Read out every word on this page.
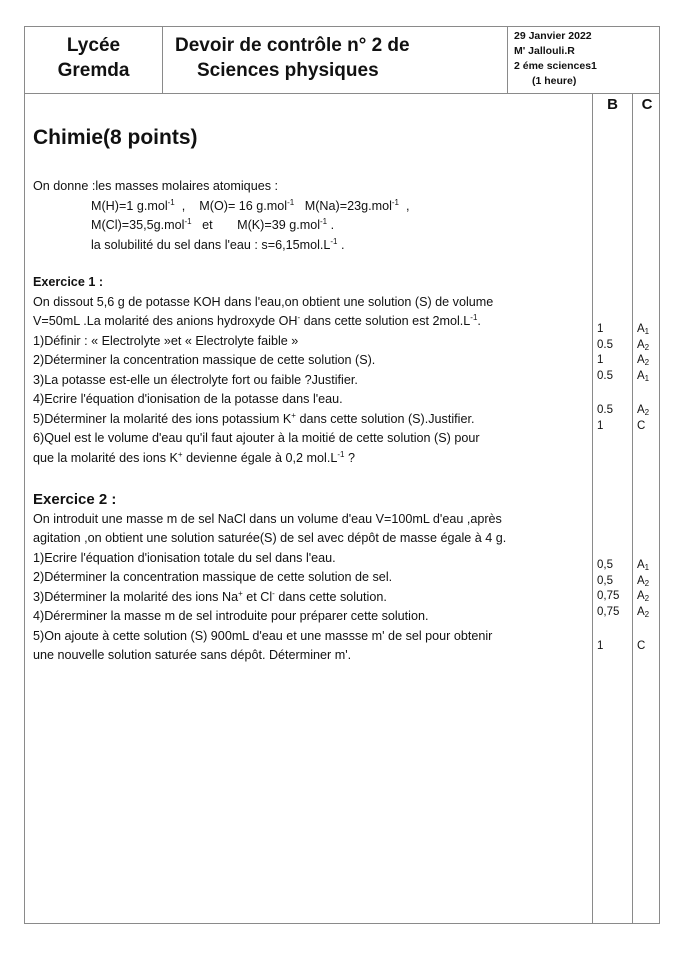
Lycée
Gremda
Devoir de contrôle n° 2 de
Sciences physiques
29 Janvier 2022
M' Jallouli.R
2 éme sciences1
(1 heure)
B
1
0.5
1
0.5
0.5
1
0,5
0,5
0,75
0,75
1
C
$A_1$
$A_2$
$A_2$
$A_1$
$A_2$
C
$A_1$
$A_2$
$A_2$
$A_2$
C
Chimie(8 points)
On donne :les masses molaires atomiques :
M(H)=1 g.mol$^{-1}$  ,    M(O)= 16 g.mol$^{-1}$ M(Na)=23g.mol$^{-1}$  ,
M(Cl)=35,5g.mol$^{-1}$ et M(K)=39 g.mol$^{-1}$ .
la solubilité du sel dans l'eau : $s=6,15mol.L^{-1}$ .
Exercice 1 :
On dissout 5,6 g de potasse KOH dans l'eau,on obtient une solution (S) de volume
V=50mL .La molarité des anions hydroxyde OH- dans cette solution est $2mol.L^{-1}$.
1)Définir : « Electrolyte »et « Electrolyte faible »
2)Déterminer la concentration massique de cette solution (S).
3)La potasse est-elle un électrolyte fort ou faible ?Justifier.
4)Ecrire l'équation d'ionisation de la potasse dans l'eau.
5)Déterminer la molarité des ions potassium K+ dans cette solution (S).Justifier.
6)Quel est le volume d'eau qu'il faut ajouter à la moitié de cette solution (S) pour
que la molarité des ions K+ devienne égale à 0,2 $mol.L^{-1}$ ?
Exercice 2 :
On introduit une masse m de sel NaCl dans un volume d'eau V=100mL d'eau ,après
agitation ,on obtient une solution saturée(S) de sel avec dépôt de masse égale à 4 g.
1)Ecrire l'équation d'ionisation totale du sel dans l'eau.
2)Déterminer la concentration massique de cette solution de sel.
3)Déterminer la molarité des ions Na+ et Cl- dans cette solution.
4)Dérerminer la masse m de sel introduite pour préparer cette solution.
5)On ajoute à cette solution (S) 900mL d'eau et une massse m' de sel pour obtenir
une nouvelle solution saturée sans dépôt. Déterminer m'.
